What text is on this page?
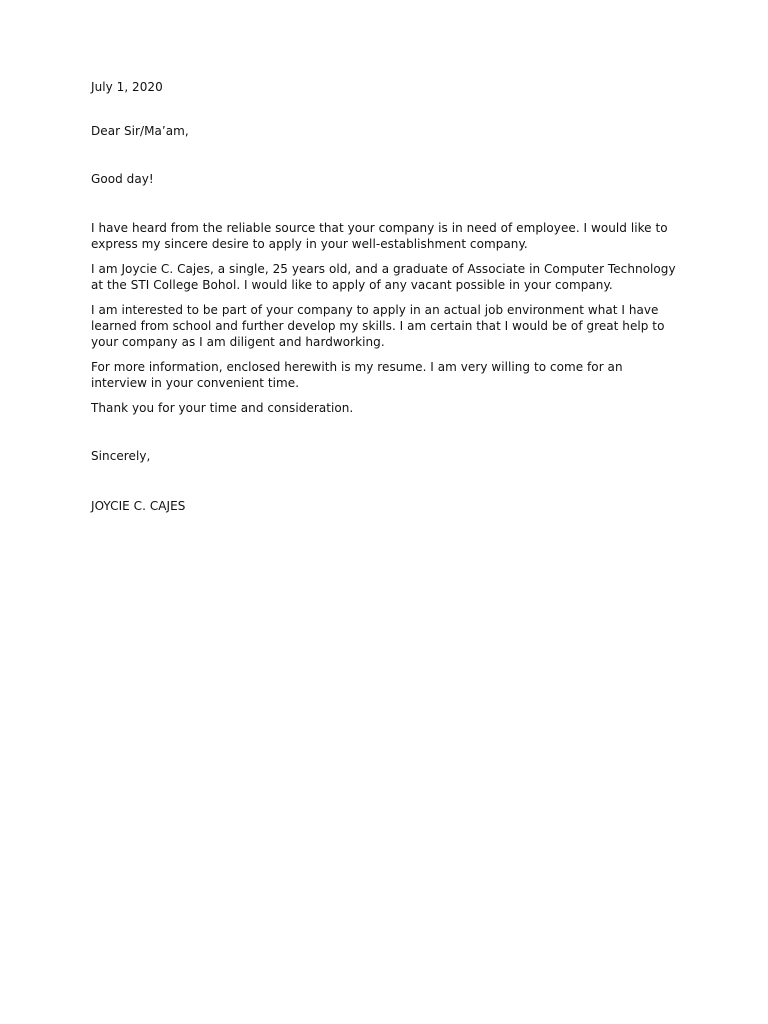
July 1, 2020

Dear Sir/Ma’am,

Good day!

I have heard from the reliable source that your company is in need of employee. I would like to

express my sincere desire to apply in your well-establishment company.

I am Joycie C. Cajes, a single, 25 years old, and a graduate of Associate in Computer Technology

at the STI College Bohol. I would like to apply of any vacant possible in your company.

I am interested to be part of your company to apply in an actual job environment what I have

learned from school and further develop my skills. I am certain that I would be of great help to

your company as I am diligent and hardworking.

For more information, enclosed herewith is my resume. I am very willing to come for an

interview in your convenient time.

Thank you for your time and consideration.

Sincerely,

JOYCIE C. CAJES
